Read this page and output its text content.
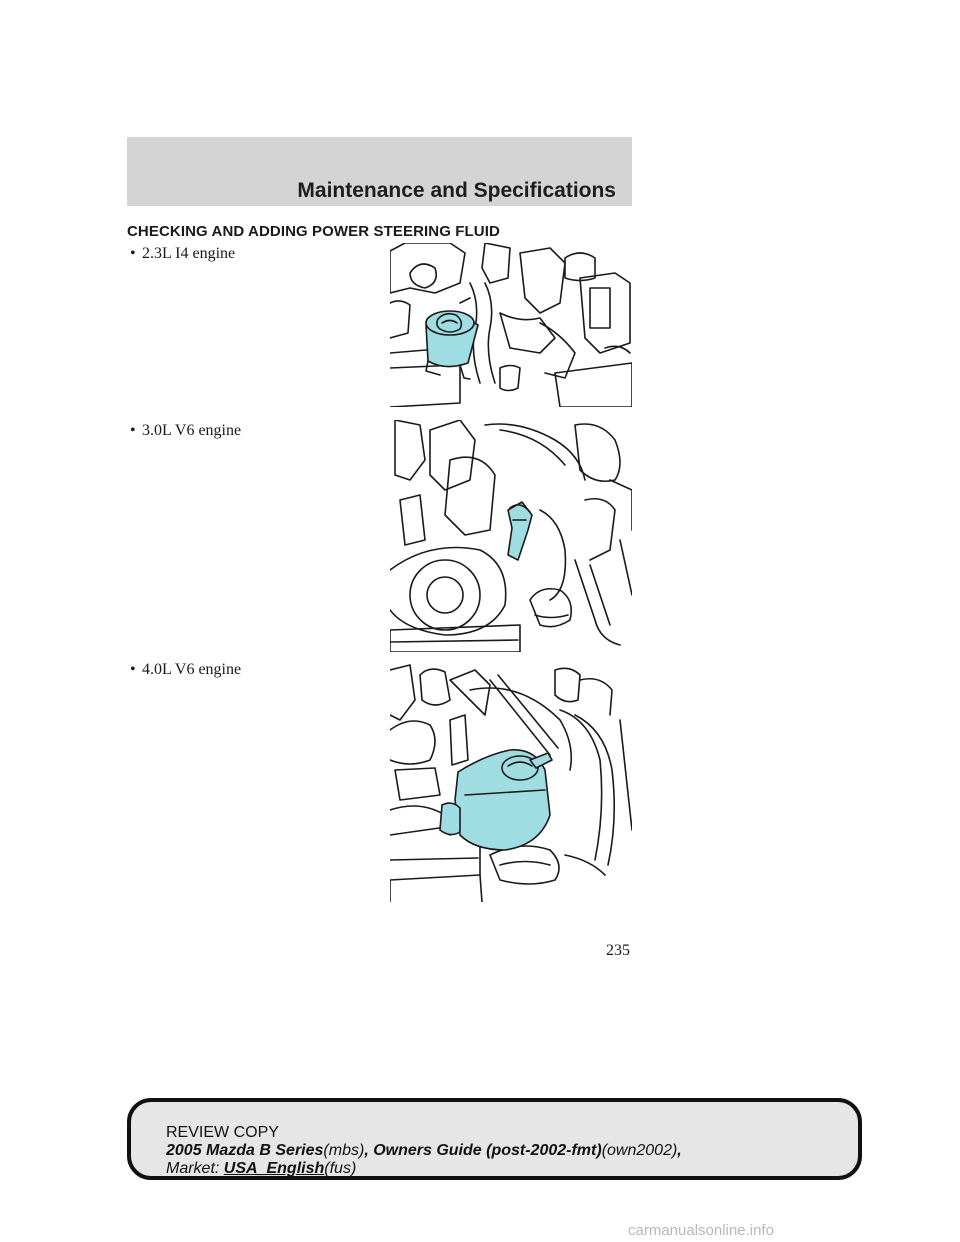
Maintenance and Specifications
CHECKING AND ADDING POWER STEERING FLUID
• 2.3L I4 engine
• 3.0L V6 engine
• 4.0L V6 engine
235
REVIEW COPY
2005 Mazda B Series(mbs), Owners Guide (post-2002-fmt)(own2002),
Market: USA_English(fus)
carmanualsonline.info
